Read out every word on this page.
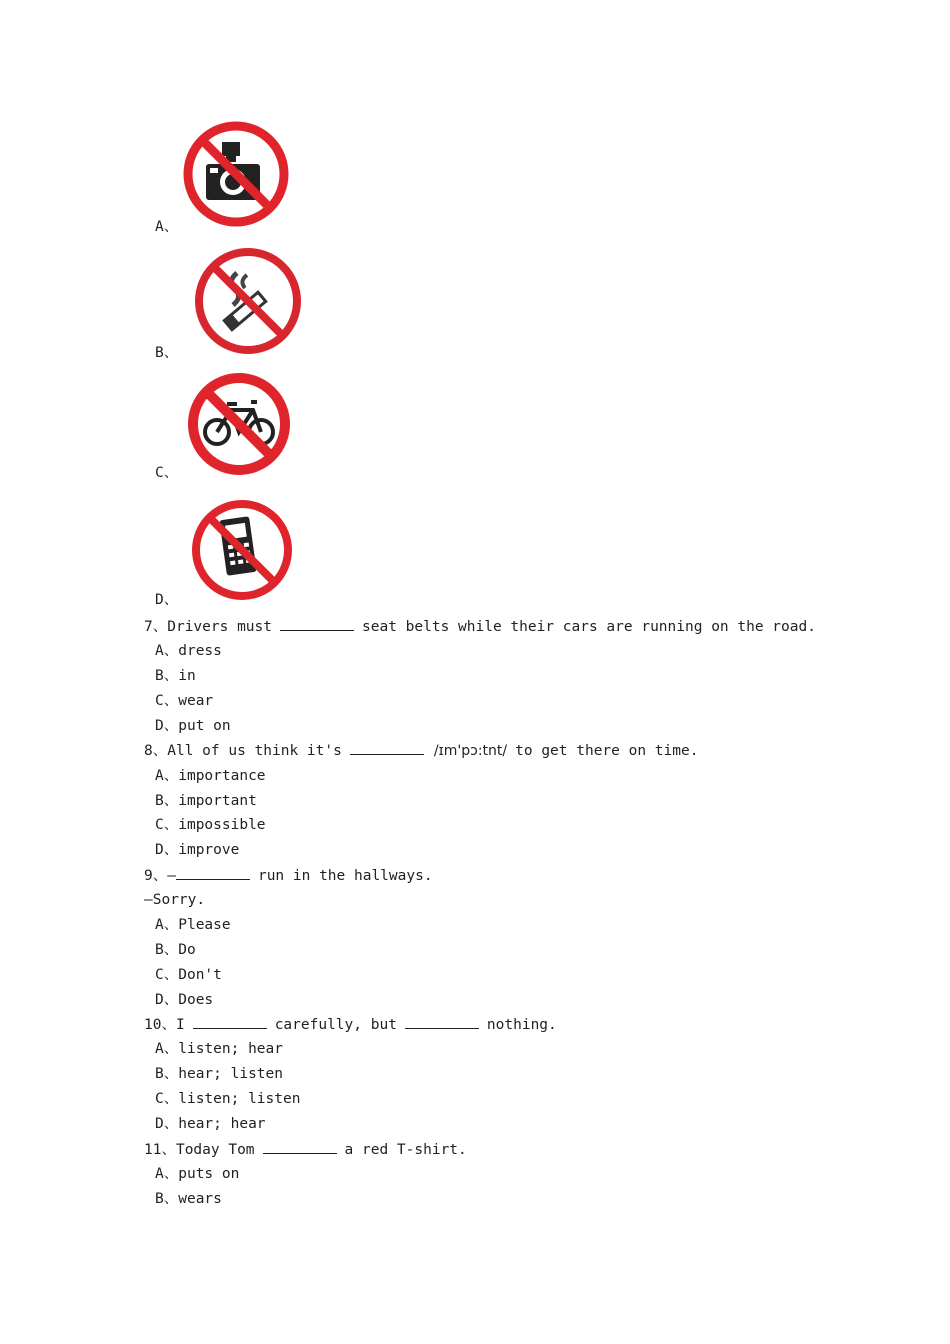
A、
B、
C、
D、
7、Drivers must	seat belts while their cars are running on the road.
A、dress
B、in
C、wear
D、put on
8、All of us think it's	/ɪm'pɔ:tnt/ to get there on time.
A、importance
B、important
C、impossible
D、improve
9、—	run in the hallways.
—Sorry.
A、Please
B、Do
C、Don't
D、Does
10、I	carefully, but	nothing.
A、listen; hear
B、hear; listen
C、listen; listen
D、hear; hear
11、Today Tom	a red T-shirt.
A、puts on
B、wears
